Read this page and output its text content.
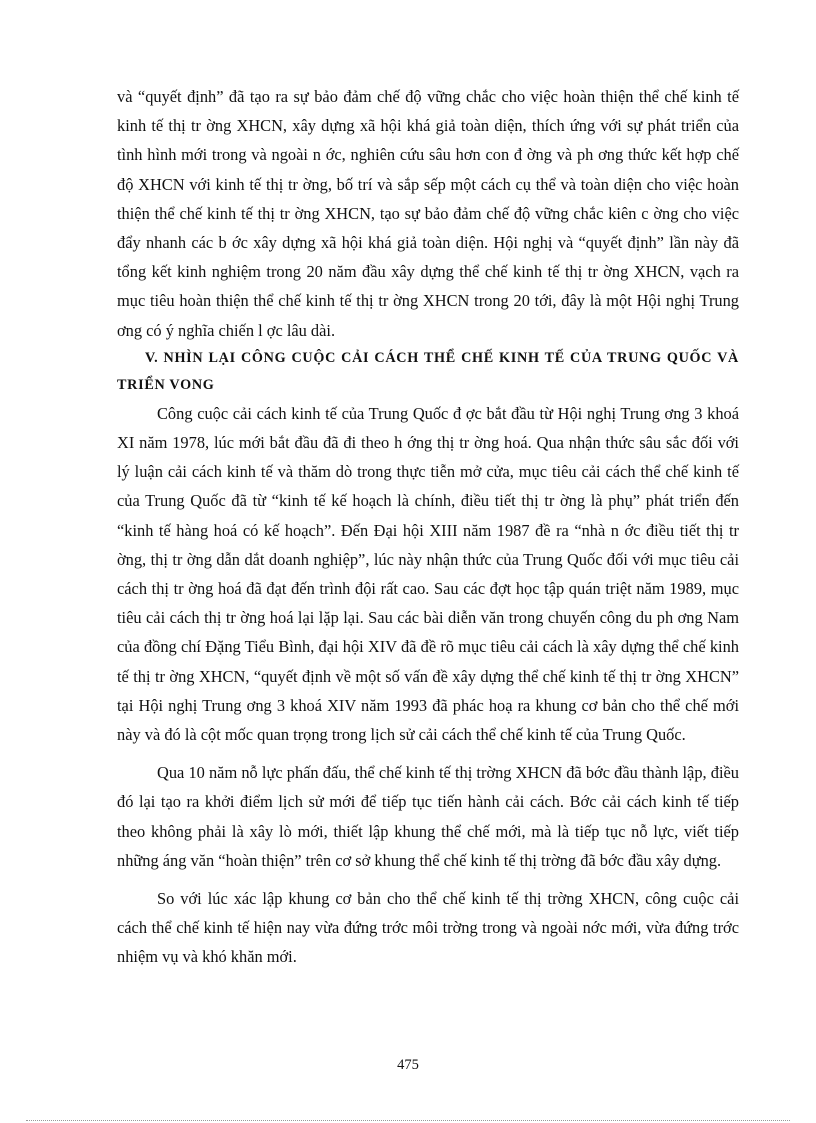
và “quyết định” đã tạo ra sự bảo đảm chế độ vững chắc cho việc hoàn thiện thể chế kinh tế kinh tế thị tr ờng XHCN, xây dựng xã hội khá giả toàn diện, thích ứng với sự phát triển của tình hình mới trong và ngoài n ớc, nghiên cứu sâu hơn con đ ờng và ph ơng thức kết hợp chế độ XHCN với kinh tế thị tr ờng, bố trí và sắp sếp một cách cụ thể và toàn diện cho việc hoàn thiện thể chế kinh tế thị tr ờng XHCN, tạo sự bảo đảm chế độ vững chắc kiên c ờng cho việc đẩy nhanh các b ớc xây dựng xã hội khá giả toàn diện. Hội nghị và “quyết định” lần này đã tổng kết kinh nghiệm trong 20 năm đầu xây dựng thể chế kinh tế thị tr ờng XHCN, vạch ra mục tiêu hoàn thiện thể chế kinh tế thị tr ờng XHCN trong 20 tới, đây là một Hội nghị Trung ơng có ý nghĩa chiến l ợc lâu dài.

V. NHÌN LẠI CÔNG CUỘC CẢI CÁCH THỂ CHẾ KINH TẾ CỦA TRUNG QUỐC VÀ TRIỂN VONG

Công cuộc cải cách kinh tế của Trung Quốc đ ợc bắt đầu từ Hội nghị Trung ơng 3 khoá XI năm 1978, lúc mới bắt đầu đã đi theo h ớng thị tr ờng hoá. Qua nhận thức sâu sắc đối với lý luận cải cách kinh tế và thăm dò trong thực tiễn mở cửa, mục tiêu cải cách thể chế kinh tế của Trung Quốc đã từ “kinh tế kế hoạch là chính, điều tiết thị tr ờng là phụ” phát triển đến “kinh tế hàng hoá có kế hoạch”. Đến Đại hội XIII năm 1987 đề ra “nhà n ớc điều tiết thị tr ờng, thị tr ờng dẫn dắt doanh nghiệp”, lúc này nhận thức của Trung Quốc đối với mục tiêu cải cách thị tr ờng hoá đã đạt đến trình đội rất cao. Sau các đợt học tập quán triệt năm 1989, mục tiêu cải cách thị tr ờng hoá lại lặp lại. Sau các bài diễn văn trong chuyến công du ph ơng Nam của đồng chí Đặng Tiểu Bình, đại hội XIV đã đề rõ mục tiêu cải cách là xây dựng thể chế kinh tế thị tr ờng XHCN, “quyết định về một số vấn đề xây dựng thể chế kinh tế thị tr ờng XHCN” tại Hội nghị Trung ơng 3 khoá XIV năm 1993 đã phác hoạ ra khung cơ bản cho thể chế mới này và đó là cột mốc quan trọng trong lịch sử cải cách thể chế kinh tế của Trung Quốc.

Qua 10 năm nỗ lực phấn đấu, thể chế kinh tế thị trờng XHCN đã bớc đầu thành lập, điều đó lại tạo ra khởi điểm lịch sử mới để tiếp tục tiến hành cải cách. Bớc cải cách kinh tế tiếp theo không phải là xây lò mới, thiết lập khung thể chế mới, mà là tiếp tục nỗ lực, viết tiếp những áng văn “hoàn thiện” trên cơ sở khung thể chế kinh tế thị trờng đã bớc đầu xây dựng.

So với lúc xác lập khung cơ bản cho thể chế kinh tế thị trờng XHCN, công cuộc cải cách thể chế kinh tế hiện nay vừa đứng trớc môi trờng trong và ngoài nớc mới, vừa đứng trớc nhiệm vụ và khó khăn mới.

475
